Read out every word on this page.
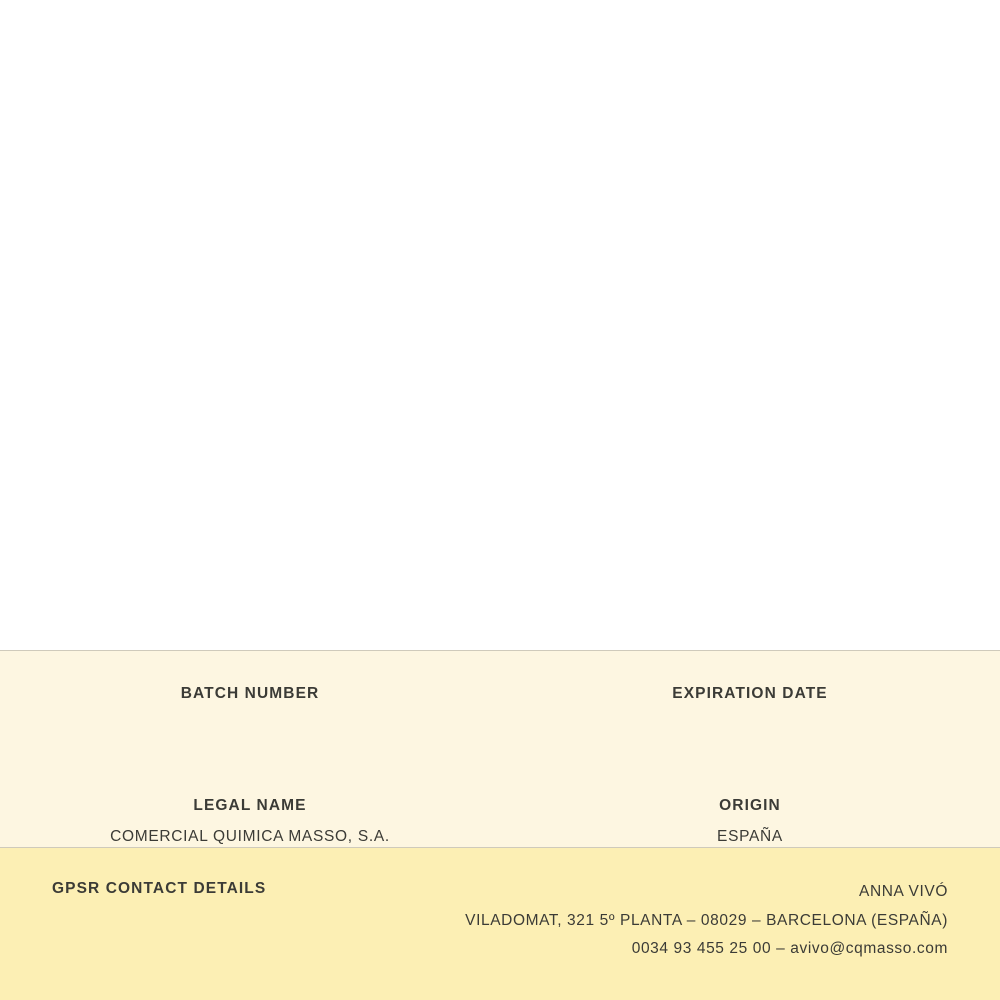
BATCH NUMBER	EXPIRATION DATE

LEGAL NAME

COMERCIAL QUIMICA MASSO, S.A.

ORIGIN

ESPAÑA

GPSR CONTACT DETAILS	ANNA VIVÓ
VILADOMAT, 321 5º PLANTA – 08029 – BARCELONA (ESPAÑA)
0034 93 455 25 00 – avivo@cqmasso.com
